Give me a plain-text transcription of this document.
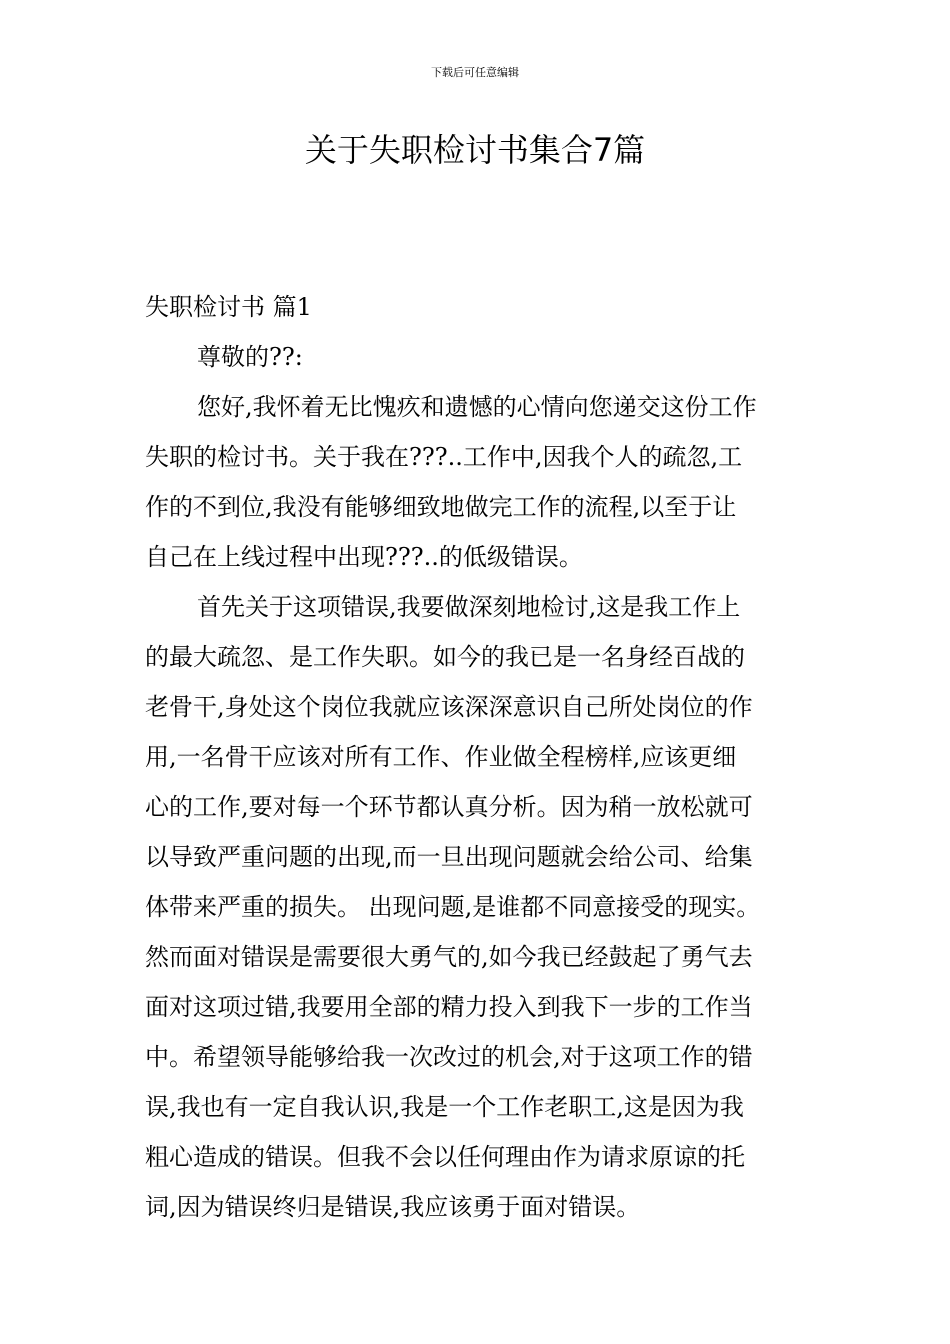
下载后可任意编辑
关于失职检讨书集合7篇
失职检讨书 篇1
尊敬的??:
您好,我怀着无比愧疚和遗憾的心情向您递交这份工作
失职的检讨书。关于我在???..工作中,因我个人的疏忽,工
作的不到位,我没有能够细致地做完工作的流程,以至于让
自己在上线过程中出现???..的低级错误。
首先关于这项错误,我要做深刻地检讨,这是我工作上
的最大疏忽、是工作失职。如今的我已是一名身经百战的
老骨干,身处这个岗位我就应该深深意识自己所处岗位的作
用,一名骨干应该对所有工作、作业做全程榜样,应该更细
心的工作,要对每一个环节都认真分析。因为稍一放松就可
以导致严重问题的出现,而一旦出现问题就会给公司、给集
体带来严重的损失。 出现问题,是谁都不同意接受的现实。
然而面对错误是需要很大勇气的,如今我已经鼓起了勇气去
面对这项过错,我要用全部的精力投入到我下一步的工作当
中。希望领导能够给我一次改过的机会,对于这项工作的错
误,我也有一定自我认识,我是一个工作老职工,这是因为我
粗心造成的错误。但我不会以任何理由作为请求原谅的托
词,因为错误终归是错误,我应该勇于面对错误。
